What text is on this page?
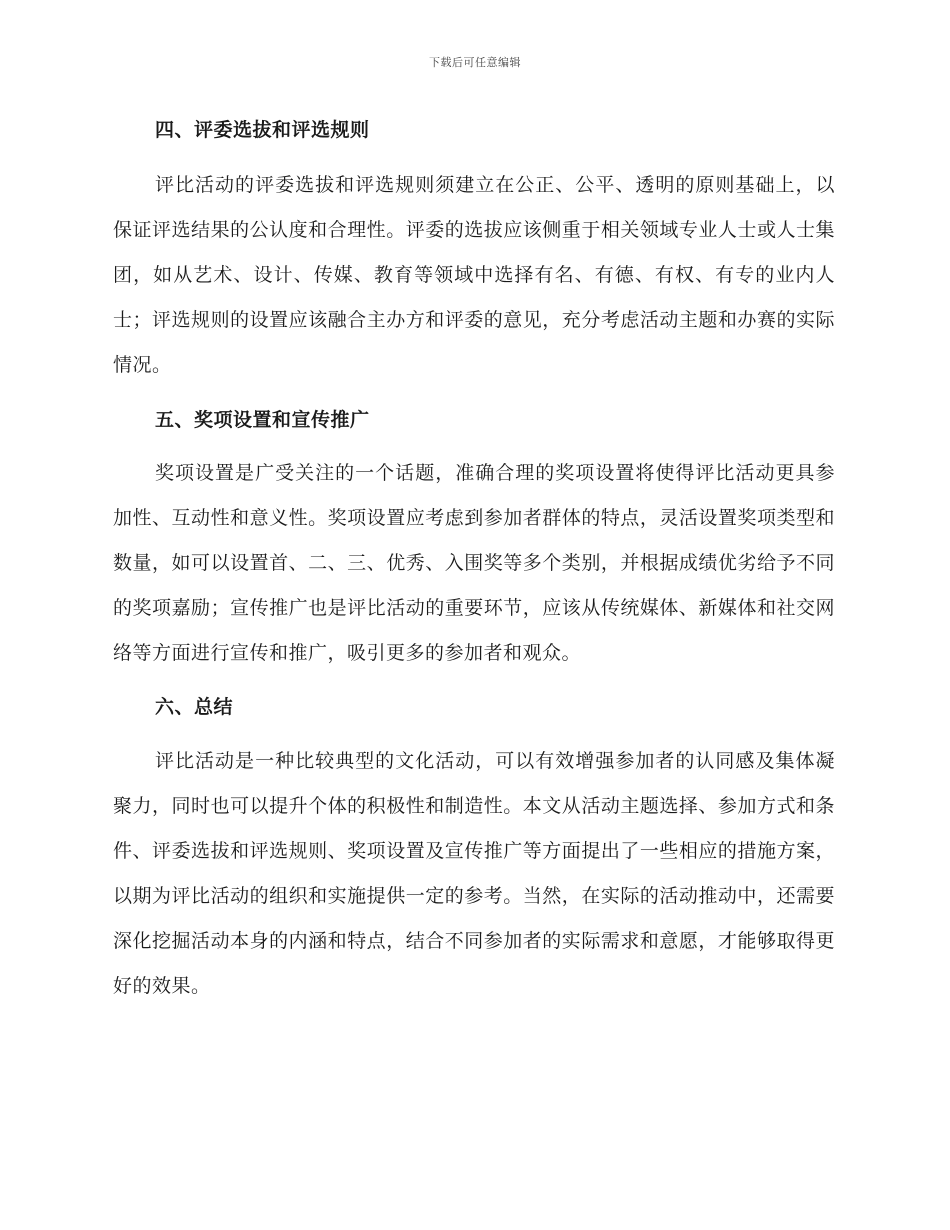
下载后可任意编辑
四、评委选拔和评选规则

评比活动的评委选拔和评选规则须建立在公正、公平、透明的原则基础上，以保证评选结果的公认度和合理性。评委的选拔应该侧重于相关领域专业人士或人士集团，如从艺术、设计、传媒、教育等领域中选择有名、有德、有权、有专的业内人士；评选规则的设置应该融合主办方和评委的意见，充分考虑活动主题和办赛的实际情况。

五、奖项设置和宣传推广

奖项设置是广受关注的一个话题，准确合理的奖项设置将使得评比活动更具参加性、互动性和意义性。奖项设置应考虑到参加者群体的特点，灵活设置奖项类型和数量，如可以设置首、二、三、优秀、入围奖等多个类别，并根据成绩优劣给予不同的奖项嘉励；宣传推广也是评比活动的重要环节，应该从传统媒体、新媒体和社交网络等方面进行宣传和推广，吸引更多的参加者和观众。

六、总结

评比活动是一种比较典型的文化活动，可以有效增强参加者的认同感及集体凝聚力，同时也可以提升个体的积极性和制造性。本文从活动主题选择、参加方式和条件、评委选拔和评选规则、奖项设置及宣传推广等方面提出了一些相应的措施方案，以期为评比活动的组织和实施提供一定的参考。当然，在实际的活动推动中，还需要深化挖掘活动本身的内涵和特点，结合不同参加者的实际需求和意愿，才能够取得更好的效果。
